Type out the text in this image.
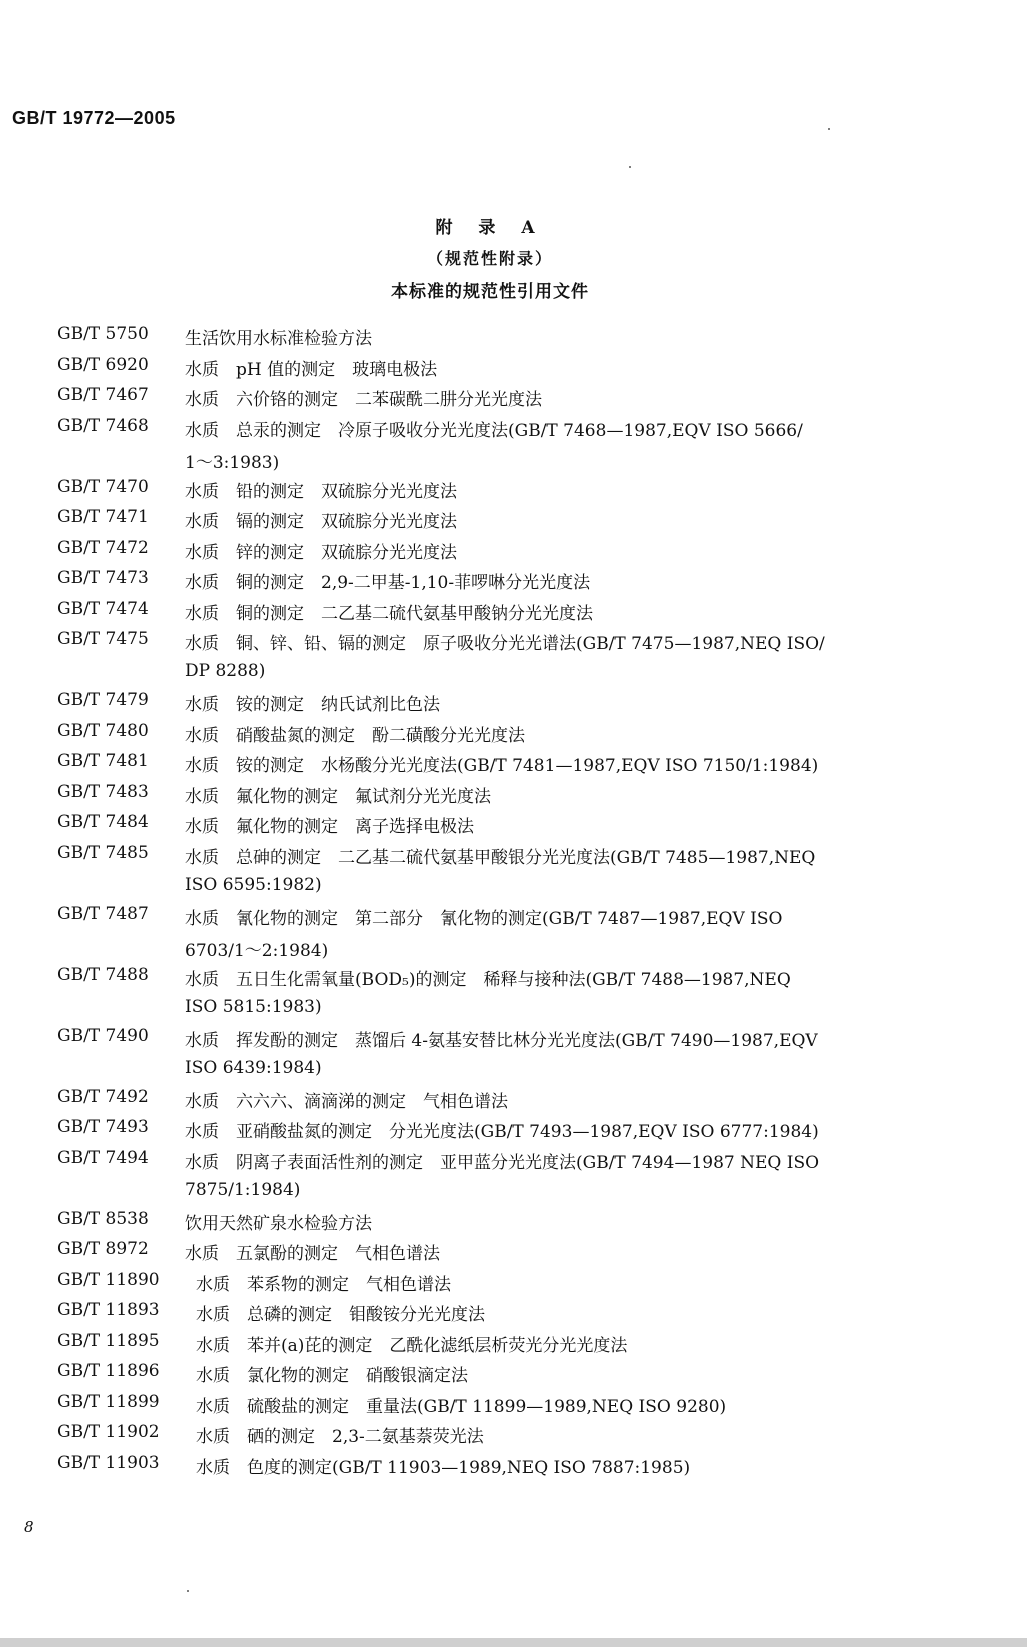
GB/T 19772—2005
附 录 A
（规范性附录）
本标准的规范性引用文件
GB/T 5750 生活饮用水标准检验方法
GB/T 6920 水质　pH 值的测定　玻璃电极法
GB/T 7467 水质　六价铬的测定　二苯碳酰二肼分光光度法
GB/T 7468 水质　总汞的测定　冷原子吸收分光光度法(GB/T 7468—1987,EQV ISO 5666/
1～3:1983)
GB/T 7470 水质　铅的测定　双硫腙分光光度法
GB/T 7471 水质　镉的测定　双硫腙分光光度法
GB/T 7472 水质　锌的测定　双硫腙分光光度法
GB/T 7473 水质　铜的测定　2,9-二甲基-1,10-菲啰啉分光光度法
GB/T 7474 水质　铜的测定　二乙基二硫代氨基甲酸钠分光光度法
GB/T 7475 水质　铜、锌、铅、镉的测定　原子吸收分光光谱法(GB/T 7475—1987,NEQ ISO/
DP 8288)
GB/T 7479 水质　铵的测定　纳氏试剂比色法
GB/T 7480 水质　硝酸盐氮的测定　酚二磺酸分光光度法
GB/T 7481 水质　铵的测定　水杨酸分光光度法(GB/T 7481—1987,EQV ISO 7150/1:1984)
GB/T 7483 水质　氟化物的测定　氟试剂分光光度法
GB/T 7484 水质　氟化物的测定　离子选择电极法
GB/T 7485 水质　总砷的测定　二乙基二硫代氨基甲酸银分光光度法(GB/T 7485—1987,NEQ
ISO 6595:1982)
GB/T 7487 水质　氰化物的测定　第二部分　氰化物的测定(GB/T 7487—1987,EQV ISO
6703/1～2:1984)
GB/T 7488 水质　五日生化需氧量(BOD₅)的测定　稀释与接种法(GB/T 7488—1987,NEQ
ISO 5815:1983)
GB/T 7490 水质　挥发酚的测定　蒸馏后 4-氨基安替比林分光光度法(GB/T 7490—1987,EQV
ISO 6439:1984)
GB/T 7492 水质　六六六、滴滴涕的测定　气相色谱法
GB/T 7493 水质　亚硝酸盐氮的测定　分光光度法(GB/T 7493—1987,EQV ISO 6777:1984)
GB/T 7494 水质　阴离子表面活性剂的测定　亚甲蓝分光光度法(GB/T 7494—1987 NEQ ISO
7875/1:1984)
GB/T 8538 饮用天然矿泉水检验方法
GB/T 8972 水质　五氯酚的测定　气相色谱法
GB/T 11890 水质　苯系物的测定　气相色谱法
GB/T 11893 水质　总磷的测定　钼酸铵分光光度法
GB/T 11895 水质　苯并(a)芘的测定　乙酰化滤纸层析荧光分光光度法
GB/T 11896 水质　氯化物的测定　硝酸银滴定法
GB/T 11899 水质　硫酸盐的测定　重量法(GB/T 11899—1989,NEQ ISO 9280)
GB/T 11902 水质　硒的测定　2,3-二氨基萘荧光法
GB/T 11903 水质　色度的测定(GB/T 11903—1989,NEQ ISO 7887:1985)
8
